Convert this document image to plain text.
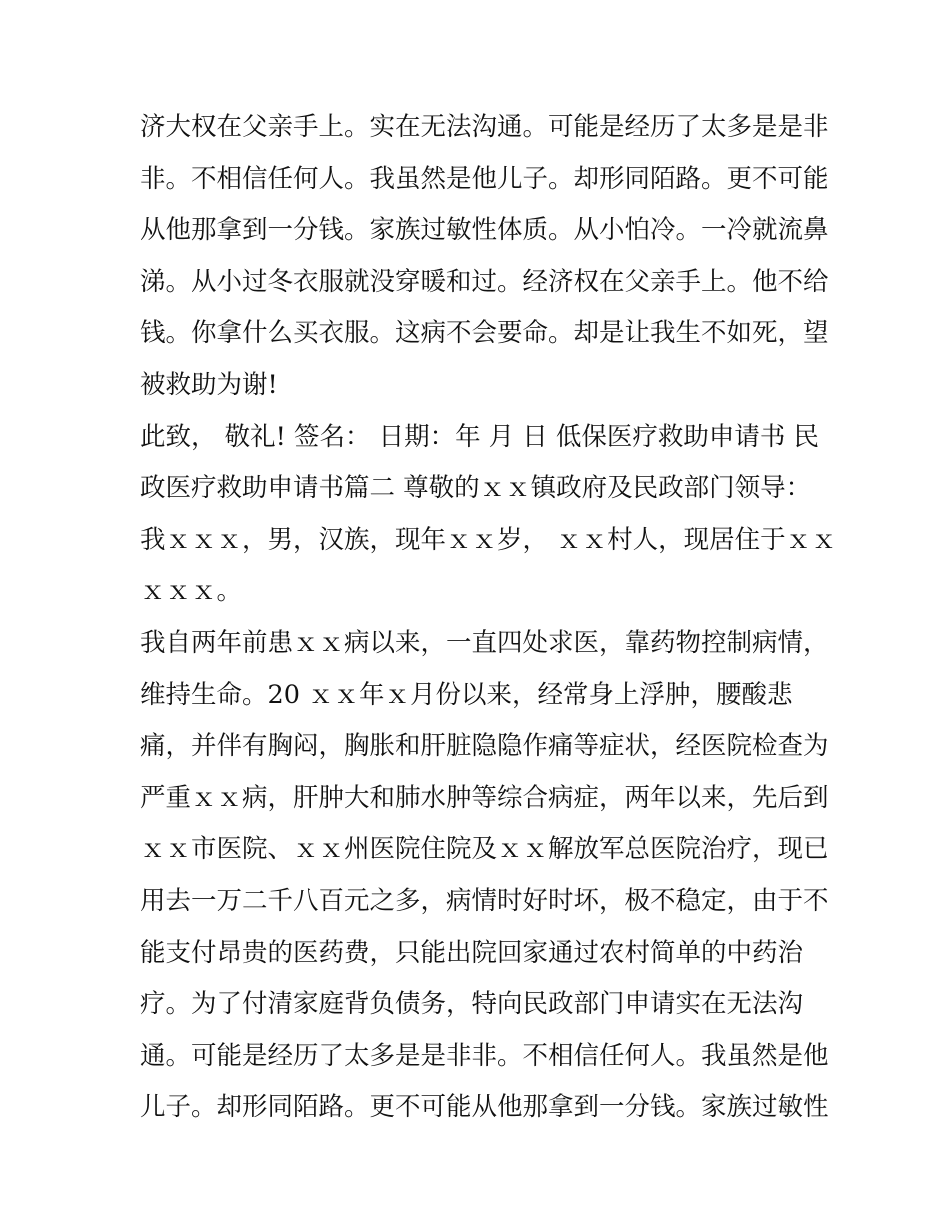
济大权在父亲手上。实在无法沟通。可能是经历了太多是是非
非。不相信任何人。我虽然是他儿子。却形同陌路。更不可能
从他那拿到一分钱。家族过敏性体质。从小怕冷。一冷就流鼻
涕。从小过冬衣服就没穿暖和过。经济权在父亲手上。他不给
钱。你拿什么买衣服。这病不会要命。却是让我生不如死，望
被救助为谢!
此致， 敬礼! 签名： 日期：年 月 日 低保医疗救助申请书 民
政医疗救助申请书篇二 尊敬的ｘｘ镇政府及民政部门领导：
我ｘｘｘ，男，汉族，现年ｘｘ岁， ｘｘ村人，现居住于ｘｘ
ｘｘｘ。
我自两年前患ｘｘ病以来，一直四处求医，靠药物控制病情，
维持生命。20 ｘｘ年ｘ月份以来，经常身上浮肿，腰酸悲
痛，并伴有胸闷，胸胀和肝脏隐隐作痛等症状，经医院检查为
严重ｘｘ病，肝肿大和肺水肿等综合病症，两年以来，先后到
ｘｘ市医院、ｘｘ州医院住院及ｘｘ解放军总医院治疗，现已
用去一万二千八百元之多，病情时好时坏，极不稳定，由于不
能支付昂贵的医药费，只能出院回家通过农村简单的中药治
疗。为了付清家庭背负债务，特向民政部门申请实在无法沟
通。可能是经历了太多是是非非。不相信任何人。我虽然是他
儿子。却形同陌路。更不可能从他那拿到一分钱。家族过敏性
